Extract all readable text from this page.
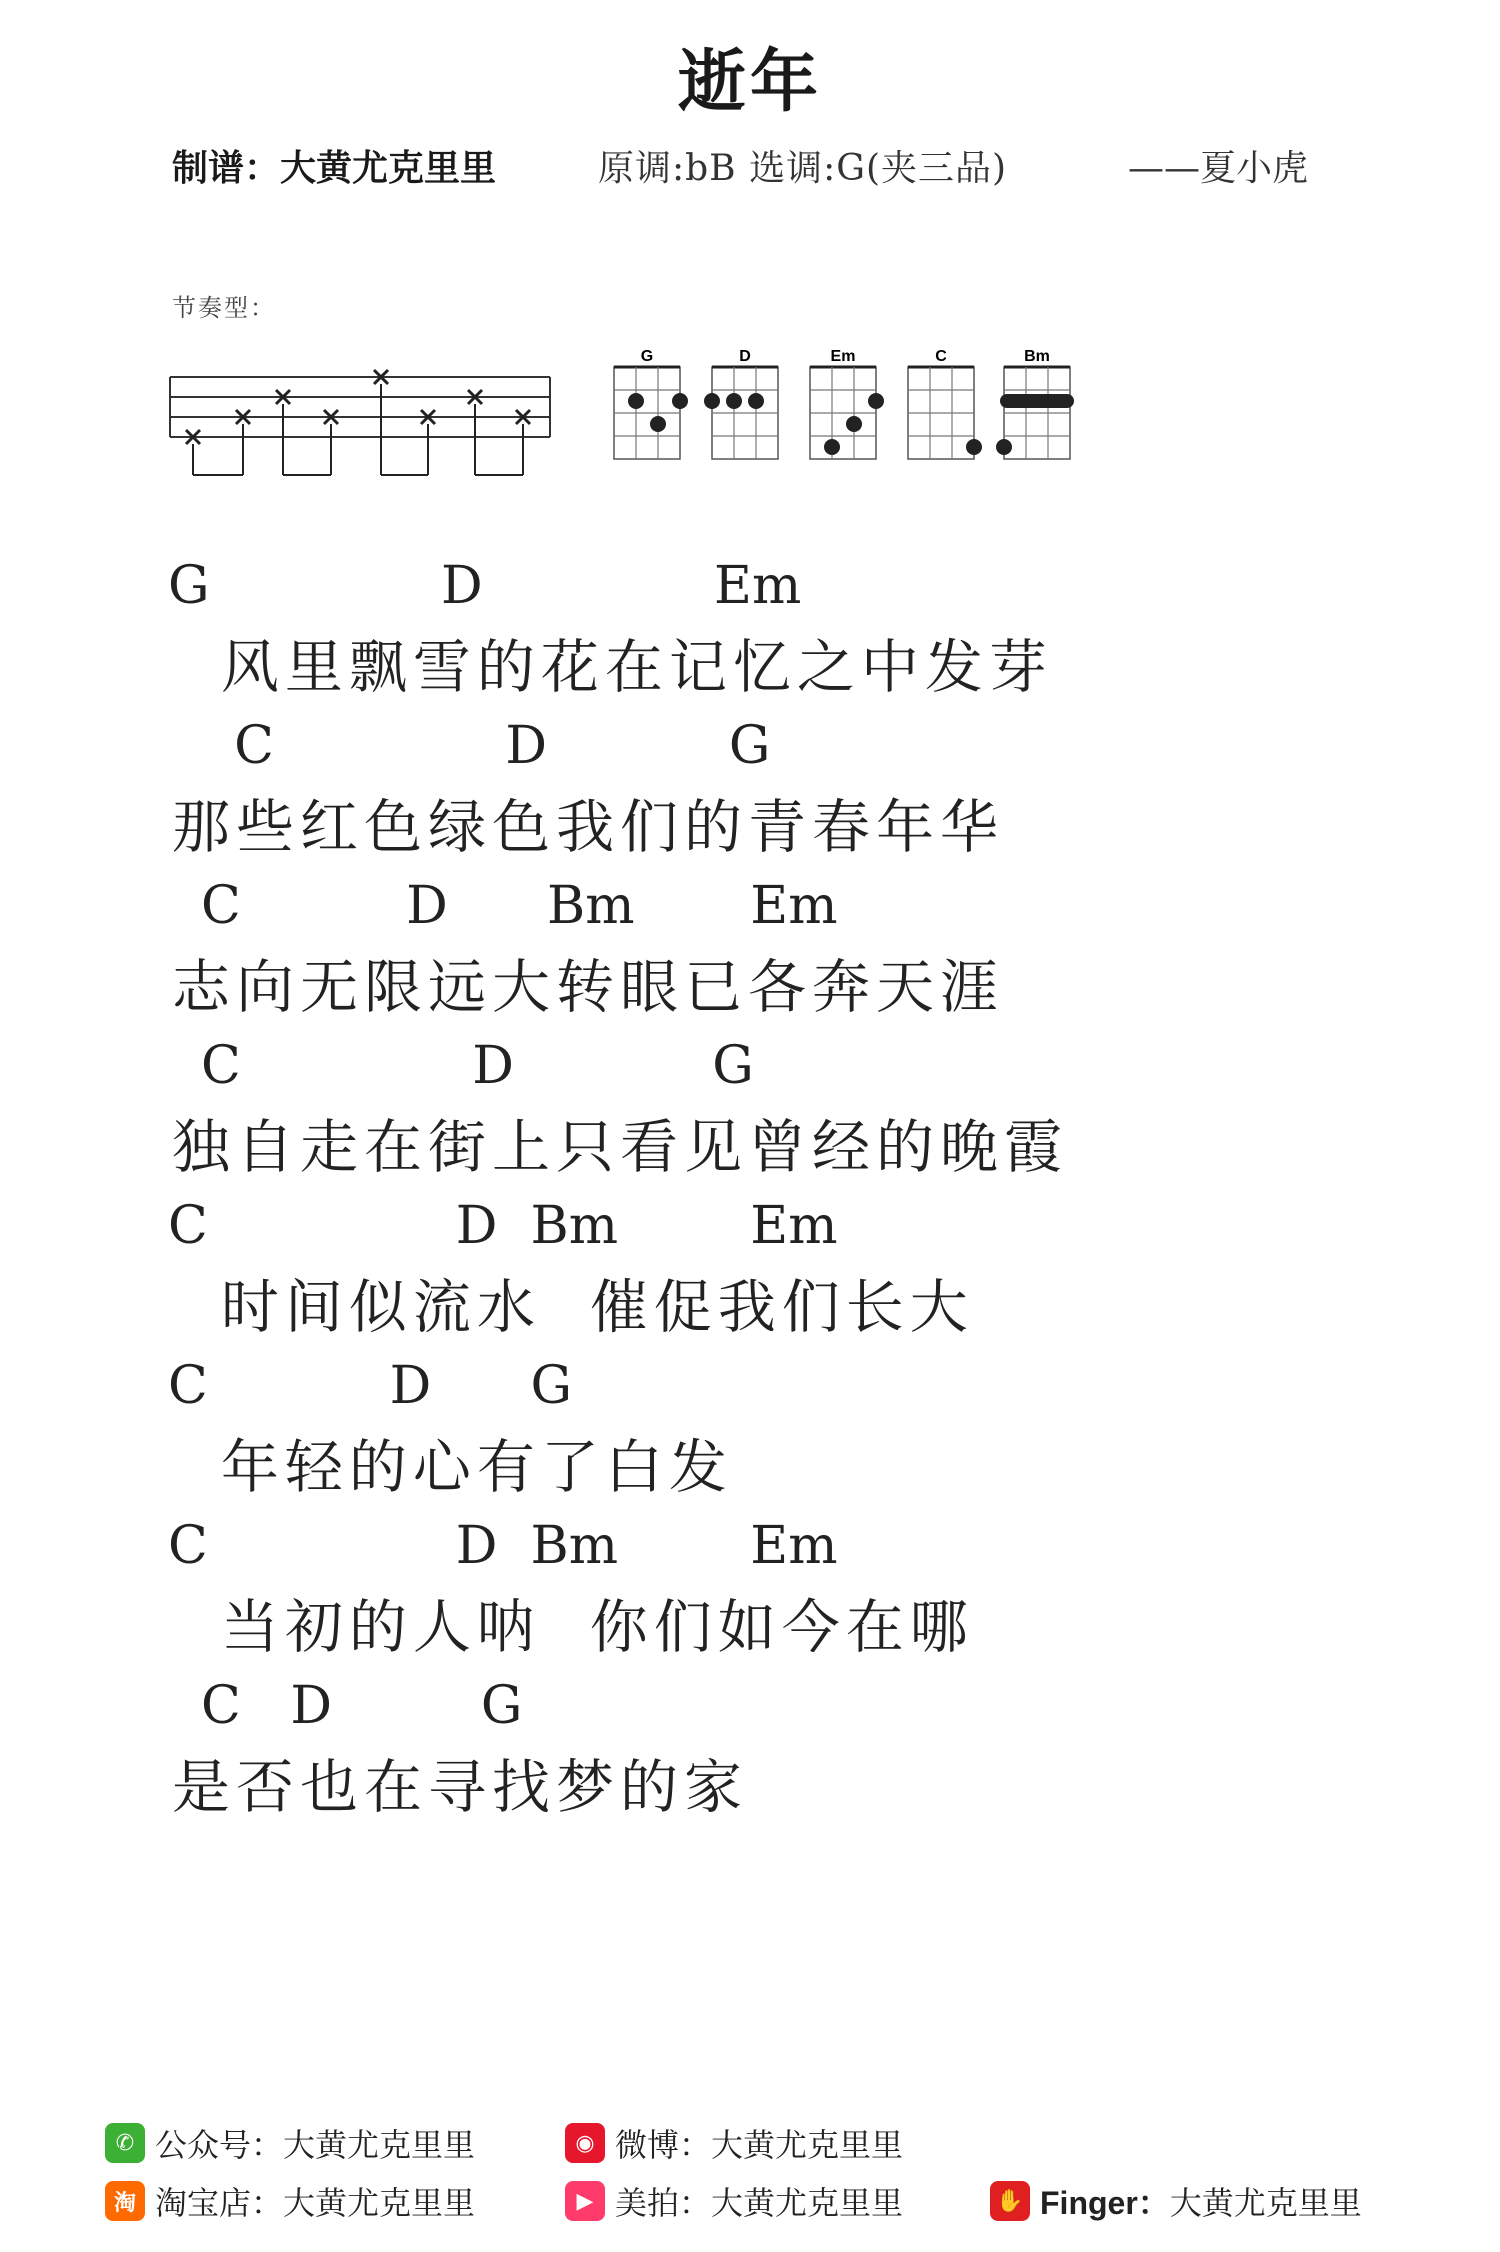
逝年
制谱：大黄尤克里里	原调:bB 选调:G(夹三品)	——夏小虎
节奏型：
G	D	Em	C	Bm
G              D              Em
风里飘雪的花在记忆之中发芽
C              D           G
那些红色绿色我们的青春年华
C          D      Bm       Em
志向无限远大转眼已各奔天涯
C              D            G
独自走在街上只看见曾经的晚霞
C               D  Bm        Em
时间似流水  催促我们长大
C           D      G
年轻的心有了白发
C               D  Bm        Em
当初的人呐  你们如今在哪
C   D         G
是否也在寻找梦的家
✆ 公众号：大黄尤克里里	◉ 微博：大黄尤克里里
淘 淘宝店：大黄尤克里里	▶ 美拍：大黄尤克里里	✋ Finger： 大黄尤克里里
